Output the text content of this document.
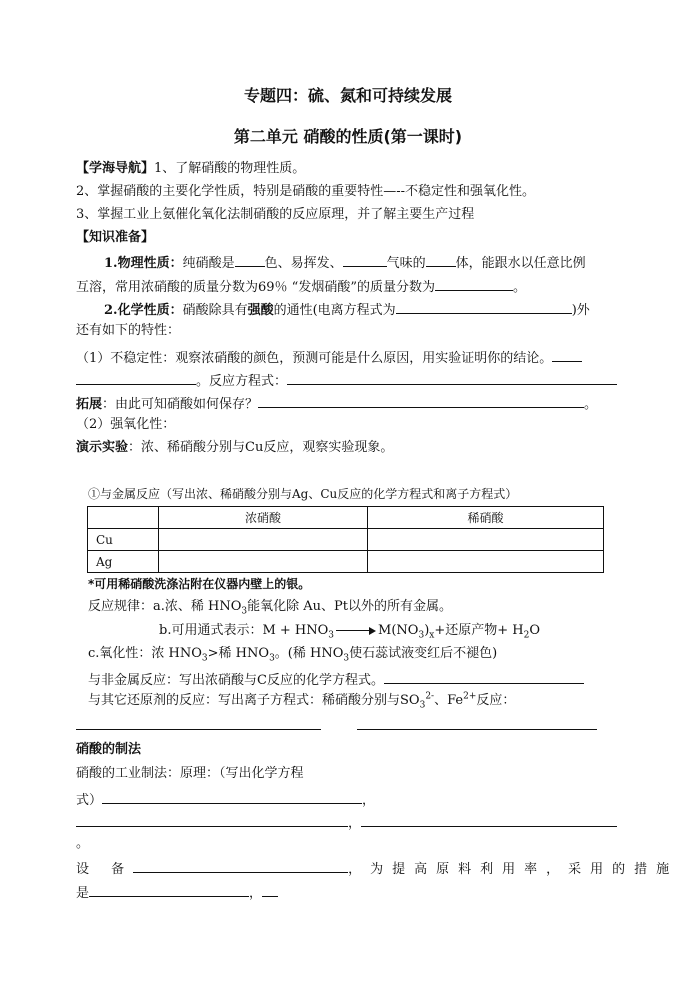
专题四：硫、氮和可持续发展
第二单元 硝酸的性质(第一课时)
【学海导航】1、了解硝酸的物理性质。
2、掌握硝酸的主要化学性质，特别是硝酸的重要特性—--不稳定性和强氧化性。
3、掌握工业上氨催化氧化法制硝酸的反应原理，并了解主要生产过程
【知识准备】
1.物理性质：纯硝酸是 色、易挥发、	气味的 体，能跟水以任意比例
互溶，常用浓硝酸的质量分数为69％ “发烟硝酸”的质量分数为	。
2.化学性质：硝酸除具有强酸的通性(电离方程式为	)外
还有如下的特性：
（1）不稳定性：观察浓硝酸的颜色，预测可能是什么原因，用实验证明你的结论。
。反应方程式：
拓展：由此可知硝酸如何保存？	。
（2）强氧化性：
演示实验：浓、稀硝酸分别与Cu反应，观察实验现象。
①与金属反应（写出浓、稀硝酸分别与Ag、Cu反应的化学方程式和离子方程式）
	浓硝酸	稀硝酸
Cu		
Ag		
*可用稀硝酸洗涤沾附在仪器内壁上的银。
反应规律：a.浓、稀 $HNO_3$能氧化除 Au、Pt以外的所有金属。
b.可用通式表示：$M + HNO_3$	$M(NO_3)_x+$还原产物+ $H_2O$
c.氧化性：浓 $HNO_3>$稀 $HNO_3$。(稀 $HNO_3$使石蕊试液变红后不褪色)
与非金属反应：写出浓硝酸与C反应的化学方程式。
与其它还原剂的反应：写出离子方程式：稀硝酸分别与$SO_3^{2-}$、$Fe^{2+}$反应：
硝酸的制法
硝酸的工业制法：原理：（写出化学方程
式）	，
，
。
设 备	，为提高原料利用率，采用的措施
是	，
